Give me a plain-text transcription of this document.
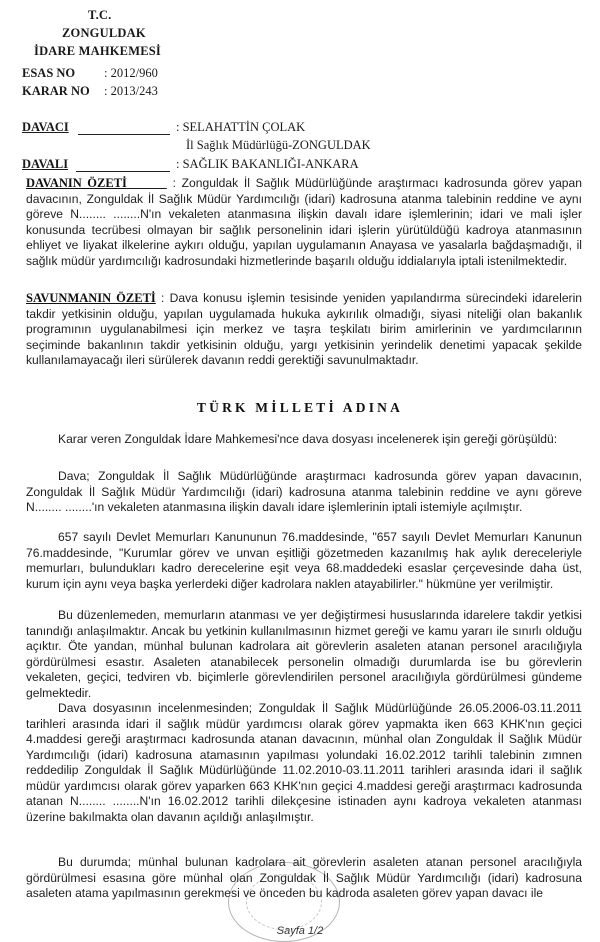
T.C.
ZONGULDAK
İDARE MAHKEMESİ
ESAS NO : 2012/960
KARAR NO : 2013/243
DAVACI	: SELAHATTİN ÇOLAK
İl Sağlık Müdürlüğü-ZONGULDAK
DAVALI	: SAĞLIK BAKANLIĞI-ANKARA

DAVANIN ÖZETİ	: Zonguldak İl Sağlık Müdürlüğünde araştırmacı kadrosunda görev yapan davacının, Zonguldak İl Sağlık Müdür Yardımcılığı (idari) kadrosuna atanma talebinin reddine ve aynı göreve N........ ........N'ın vekaleten atanmasına ilişkin davalı idare işlemlerinin; idari ve mali işler konusunda tecrübesi olmayan bir sağlık personelinin idari işlerin yürütüldüğü kadroya atanmasının ehliyet ve liyakat ilkelerine aykırı olduğu, yapılan uygulamanın Anayasa ve yasalarla bağdaşmadığı, il sağlık müdür yardımcılığı kadrosundaki hizmetlerinde başarılı olduğu iddialarıyla iptali istenilmektedir.

SAVUNMANIN ÖZETİ : Dava konusu işlemin tesisinde yeniden yapılandırma sürecindeki idarelerin takdir yetkisinin olduğu, yapılan uygulamada hukuka aykırılık olmadığı, siyasi niteliği olan bakanlık programının uygulanabilmesi için merkez ve taşra teşkilatı birim amirlerinin ve yardımcılarının seçiminde bakanlının takdir yetkisinin olduğu, yargı yetkisinin yerindelik denetimi yapacak şekilde kullanılamayacağı ileri sürülerek davanın reddi gerektiği savunulmaktadır.

TÜRK MİLLETİ ADINA

Karar veren Zonguldak İdare Mahkemesi'nce dava dosyası incelenerek işin gereği görüşüldü:

Dava; Zonguldak İl Sağlık Müdürlüğünde araştırmacı kadrosunda görev yapan davacının, Zonguldak İl Sağlık Müdür Yardımcılığı (idari) kadrosuna atanma talebinin reddine ve aynı göreve N........ ........'ın vekaleten atanmasına ilişkin davalı idare işlemlerinin iptali istemiyle açılmıştır.

657 sayılı Devlet Memurları Kanununun 76.maddesinde, "657 sayılı Devlet Memurları Kanunun 76.maddesinde, "Kurumlar görev ve unvan eşitliği gözetmeden kazanılmış hak aylık dereceleriyle memurları, bulundukları kadro derecelerine eşit veya 68.maddedeki esaslar çerçevesinde daha üst, kurum için aynı veya başka yerlerdeki diğer kadrolara naklen atayabilirler." hükmüne yer verilmiştir.

Bu düzenlemeden, memurların atanması ve yer değiştirmesi hususlarında idarelere takdir yetkisi tanındığı anlaşılmaktır. Ancak bu yetkinin kullanılmasının hizmet gereği ve kamu yararı ile sınırlı olduğu açıktır. Öte yandan, münhal bulunan kadrolara ait görevlerin asaleten atanan personel aracılığıyla gördürülmesi esastır. Asaleten atanabilecek personelin olmadığı durumlarda ise bu görevlerin vekaleten, geçici, tedviren vb. biçimlerle görevlendirilen personel aracılığıyla gördürülmesi gündeme gelmektedir.

Dava dosyasının incelenmesinden; Zonguldak İl Sağlık Müdürlüğünde 26.05.2006-03.11.2011 tarihleri arasında idari il sağlık müdür yardımcısı olarak görev yapmakta iken 663 KHK'nın geçici 4.maddesi gereği araştırmacı kadrosunda atanan davacının, münhal olan Zonguldak İl Sağlık Müdür Yardımcılığı (idari) kadrosuna atamasının yapılması yolundaki 16.02.2012 tarihli talebinin zımnen reddedilip Zonguldak İl Sağlık Müdürlüğünde 11.02.2010-03.11.2011 tarihleri arasında idari il sağlık müdür yardımcısı olarak görev yaparken 663 KHK'nın geçici 4.maddesi gereği araştırmacı kadrosunda atanan N........ ........N'ın 16.02.2012 tarihli dilekçesine istinaden aynı kadroya vekaleten atanması üzerine bakılmakta olan davanın açıldığı anlaşılmıştır.

Bu durumda; münhal bulunan kadrolara ait görevlerin asaleten atanan personel aracılığıyla gördürülmesi esasına göre münhal olan Zonguldak İl Sağlık Müdür Yardımcılığı (idari) kadrosuna asaleten atama yapılmasının gerekmesi ve önceden bu kadroda asaleten görev yapan davacı ile

Sayfa 1/2
